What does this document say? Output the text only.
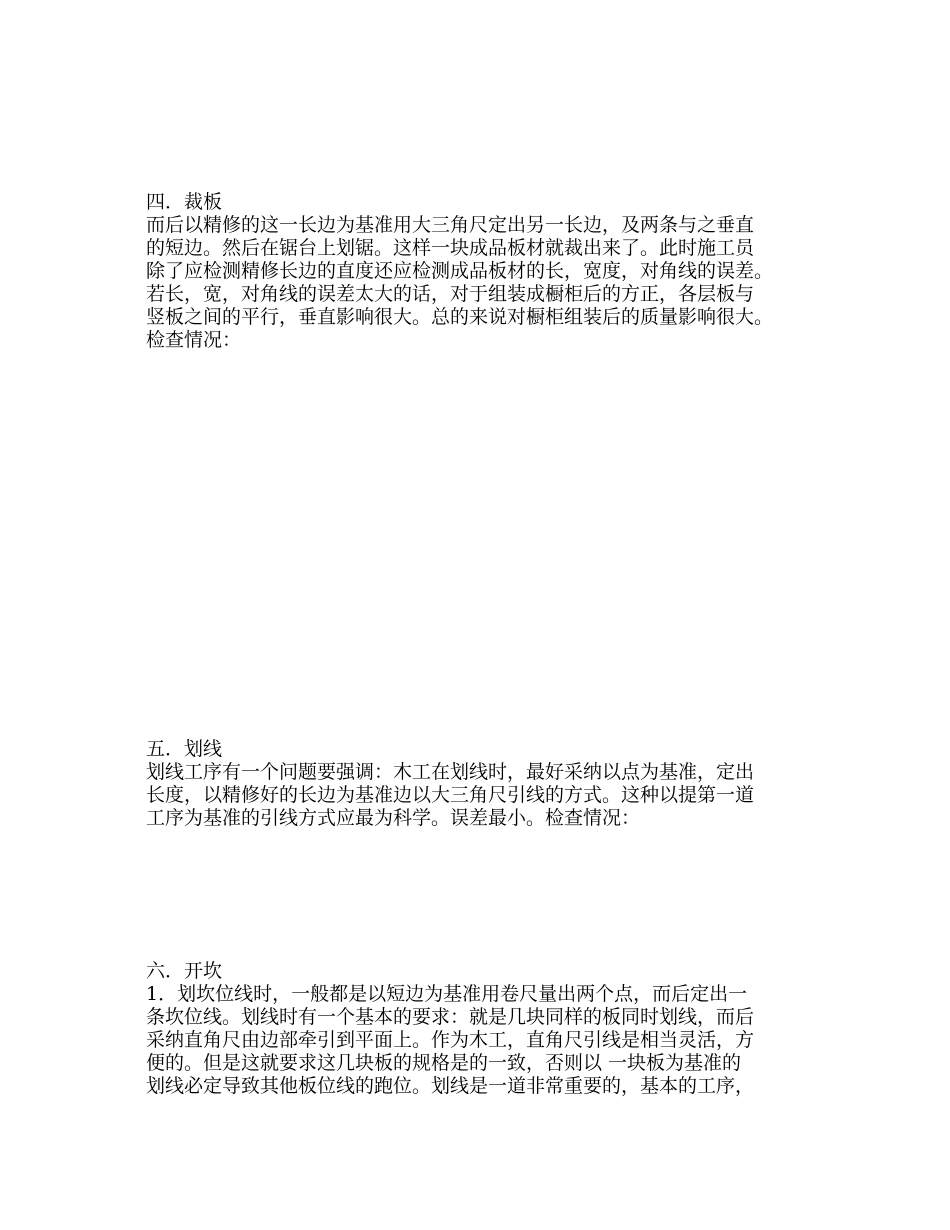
四．裁板
而后以精修的这一长边为基准用大三角尺定出另一长边，及两条与之垂直
的短边。然后在锯台上划锯。这样一块成品板材就裁出来了。此时施工员
除了应检测精修长边的直度还应检测成品板材的长，宽度，对角线的误差。
若长，宽，对角线的误差太大的话，对于组装成橱柜后的方正，各层板与
竖板之间的平行，垂直影响很大。总的来说对橱柜组装后的质量影响很大。
检查情况：
五．划线
划线工序有一个问题要强调：木工在划线时，最好采纳以点为基准，定出
长度，以精修好的长边为基准边以大三角尺引线的方式。这种以提第一道
工序为基准的引线方式应最为科学。误差最小。检查情况：
六．开坎
1．划坎位线时，一般都是以短边为基准用卷尺量出两个点，而后定出一
条坎位线。划线时有一个基本的要求：就是几块同样的板同时划线，而后
采纳直角尺由边部牵引到平面上。作为木工，直角尺引线是相当灵活，方
便的。但是这就要求这几块板的规格是的一致，否则以 一块板为基准的
划线必定导致其他板位线的跑位。划线是一道非常重要的，基本的工序，
